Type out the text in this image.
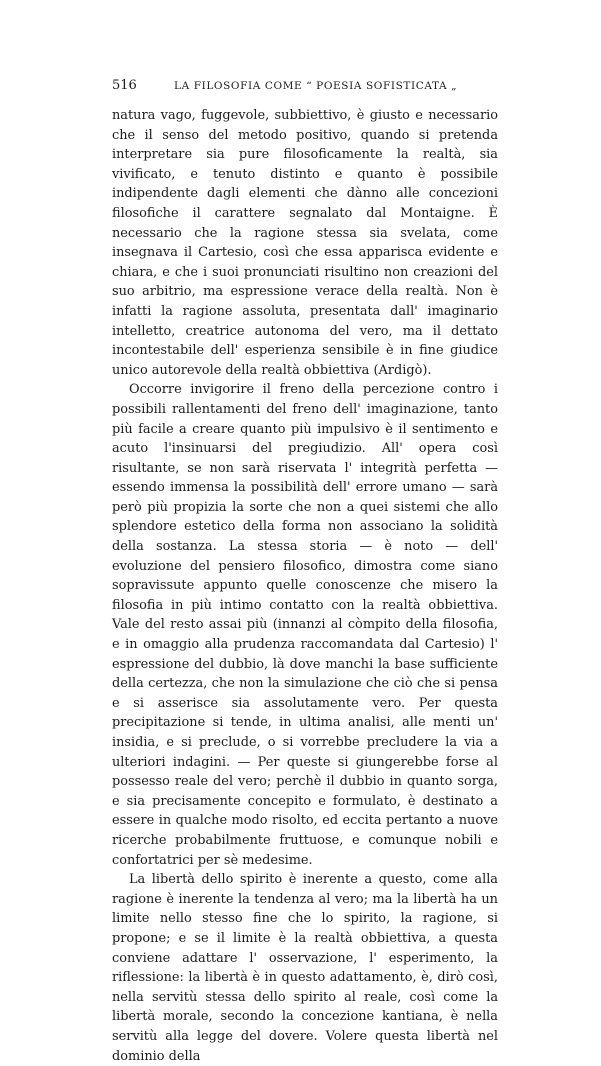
516	LA FILOSOFIA COME “ POESIA SOFISTICATA „

natura vago, fuggevole, subbiettivo, è giusto e necessario che il senso del metodo positivo, quando si pretenda interpretare sia pure filosoficamente la realtà, sia vivificato, e tenuto distinto e quanto è possibile indipendente dagli elementi che dànno alle concezioni filosofiche il carattere segnalato dal Montaigne. È necessario che la ragione stessa sia svelata, come insegnava il Cartesio, così che essa apparisca evidente e chiara, e che i suoi pronunciati risultino non creazioni del suo arbitrio, ma espressione verace della realtà. Non è infatti la ragione assoluta, presentata dall' imaginario intelletto, creatrice autonoma del vero, ma il dettato incontestabile dell' esperienza sensibile è in fine giudice unico autorevole della realtà obbiettiva (Ardigò).

Occorre invigorire il freno della percezione contro i possibili rallentamenti del freno dell' imaginazione, tanto più facile a creare quanto più impulsivo è il sentimento e acuto l'insinuarsi del pregiudizio. All' opera così risultante, se non sarà riservata l' integrità perfetta — essendo immensa la possibilità dell' errore umano — sarà però più propizia la sorte che non a quei sistemi che allo splendore estetico della forma non associano la solidità della sostanza. La stessa storia — è noto — dell' evoluzione del pensiero filosofico, dimostra come siano sopravissute appunto quelle conoscenze che misero la filosofia in più intimo contatto con la realtà obbiettiva. Vale del resto assai più (innanzi al còmpito della filosofia, e in omaggio alla prudenza raccomandata dal Cartesio) l' espressione del dubbio, là dove manchi la base sufficiente della certezza, che non la simulazione che ciò che si pensa e si asserisce sia assolutamente vero. Per questa precipitazione si tende, in ultima analisi, alle menti un' insidia, e si preclude, o si vorrebbe precludere la via a ulteriori indagini. — Per queste si giungerebbe forse al possesso reale del vero; perchè il dubbio in quanto sorga, e sia precisamente concepito e formulato, è destinato a essere in qualche modo risolto, ed eccita pertanto a nuove ricerche probabilmente fruttuose, e comunque nobili e confortatrici per sè medesime.

La libertà dello spirito è inerente a questo, come alla ragione è inerente la tendenza al vero; ma la libertà ha un limite nello stesso fine che lo spirito, la ragione, si propone; e se il limite è la realtà obbiettiva, a questa conviene adattare l' osservazione, l' esperimento, la riflessione: la libertà è in questo adattamento, è, dirò così, nella servitù stessa dello spirito al reale, così come la libertà morale, secondo la concezione kantiana, è nella servitù alla legge del dovere. Volere questa libertà nel dominio della
